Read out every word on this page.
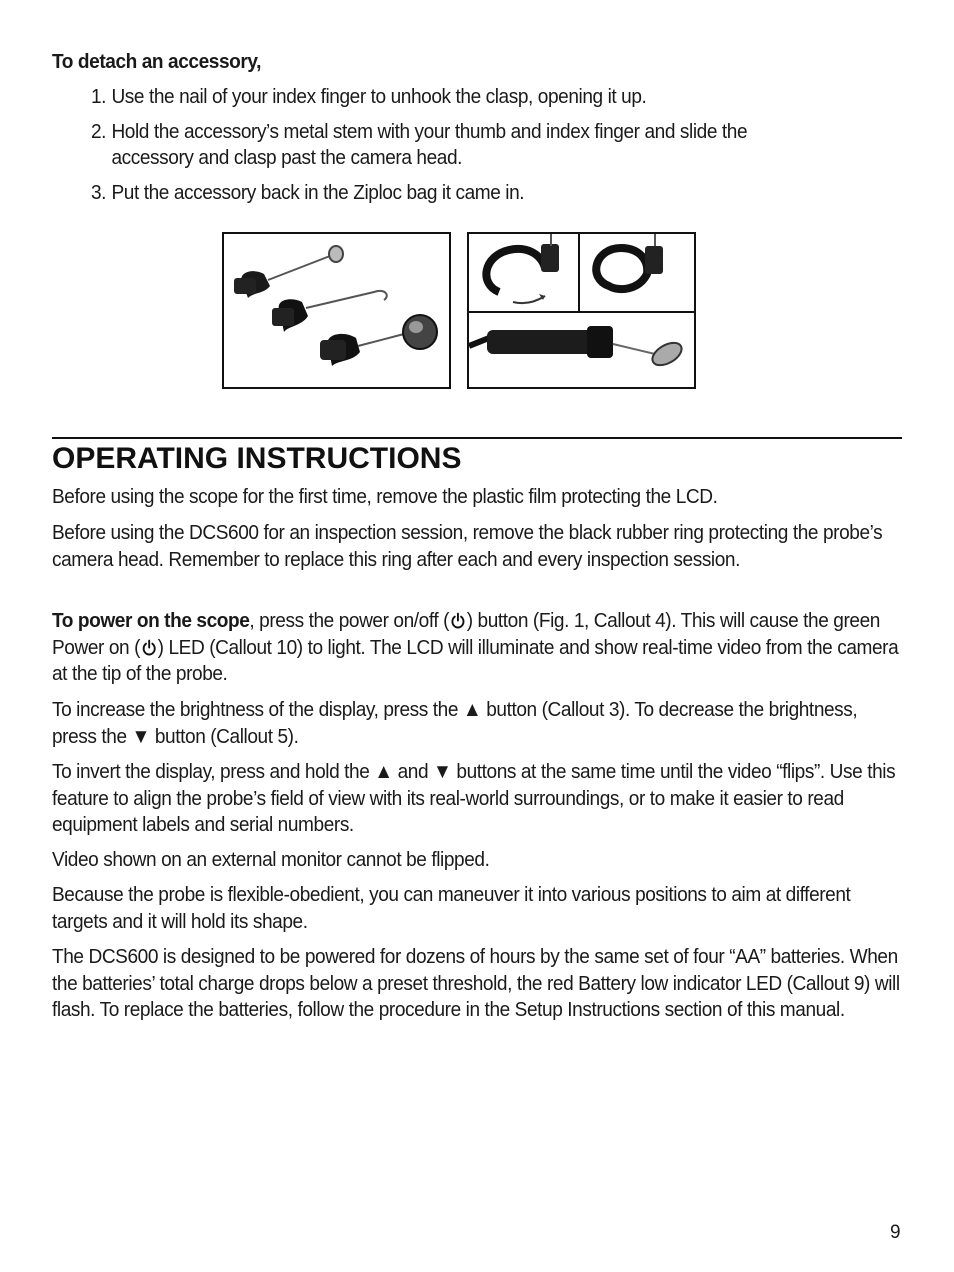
To detach an accessory,
1. Use the nail of your index finger to unhook the clasp, opening it up.
2. Hold the accessory’s metal stem with your thumb and index finger and slide the accessory and clasp past the camera head.
3. Put the accessory back in the Ziploc bag it came in.
OPERATING INSTRUCTIONS
Before using the scope for the first time, remove the plastic film protecting the LCD.
Before using the DCS600 for an inspection session, remove the black rubber ring protecting the probe’s camera head. Remember to replace this ring after each and every inspection session.
To power on the scope, press the power on/off ( ) button (Fig. 1, Callout 4). This will cause the green Power on ( ) LED (Callout 10) to light. The LCD will illuminate and show real-time video from the camera at the tip of the probe.
To increase the brightness of the display, press the ▲ button (Callout 3). To decrease the brightness, press the ▼ button (Callout 5).
To invert the display, press and hold the ▲ and ▼ buttons at the same time until the video “flips”. Use this feature to align the probe’s field of view with its real-world surroundings, or to make it easier to read equipment labels and serial numbers.
Video shown on an external monitor cannot be flipped.
Because the probe is flexible-obedient, you can maneuver it into various positions to aim at different targets and it will hold its shape.
The DCS600 is designed to be powered for dozens of hours by the same set of four “AA” batteries. When the batteries’ total charge drops below a preset threshold, the red Battery low indicator LED (Callout 9) will flash. To replace the batteries, follow the procedure in the Setup Instructions section of this manual.
9
